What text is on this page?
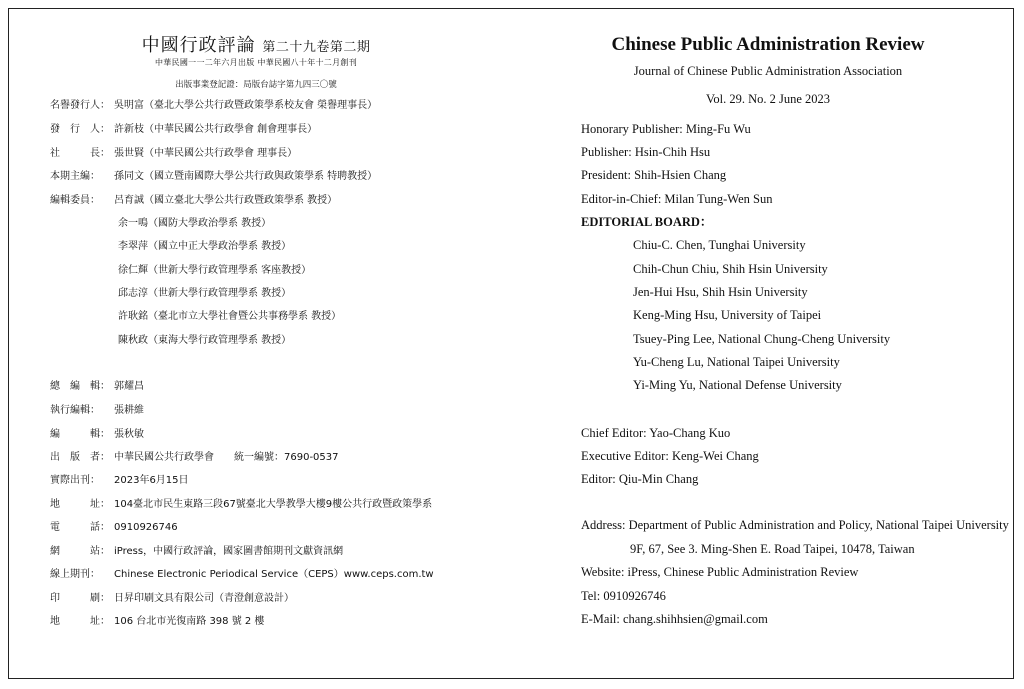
中國行政評論 第二十九卷第二期
中華民國一一二年六月出版 中華民國八十年十二月創刊
出版事業登記證：局版台誌字第九四三〇號
名譽發行人： 吳明富（臺北大學公共行政暨政策學系校友會 榮譽理事長）
發　行　人： 許新枝（中華民國公共行政學會 創會理事長）
社　　　長： 張世賢（中華民國公共行政學會 理事長）
本期主編： 孫同文（國立暨南國際大學公共行政與政策學系 特聘教授）
編輯委員： 呂育誠（國立臺北大學公共行政暨政策學系 教授）
余一鳴（國防大學政治學系 教授）
李翠萍（國立中正大學政治學系 教授）
徐仁輝（世新大學行政管理學系 客座教授）
邱志淳（世新大學行政管理學系 教授）
許耿銘（臺北市立大學社會暨公共事務學系 教授）
陳秋政（東海大學行政管理學系 教授）
總　編　輯： 郭耀昌
執行編輯： 張耕維
編　　　輯： 張秋敏
出　版　者： 中華民國公共行政學會　　統一編號：7690-0537
實際出刊： 2023年6月15日
地　　　址： 104臺北市民生東路三段67號臺北大學教學大樓9樓公共行政暨政策學系
電　　　話： 0910926746
網　　　站： iPress，中國行政評論，國家圖書館期刊文獻資訊網
線上期刊： Chinese Electronic Periodical Service（CEPS）www.ceps.com.tw
印　　　刷： 日昇印刷文具有限公司（青澄創意設計）
地　　　址： 106 台北市光復南路 398 號 2 樓
Chinese Public Administration Review
Journal of Chinese Public Administration Association
Vol. 29. No. 2 June 2023
Honorary Publisher: Ming-Fu Wu
Publisher: Hsin-Chih Hsu
President: Shih-Hsien Chang
Editor-in-Chief: Milan Tung-Wen Sun
EDITORIAL BOARD：
Chiu-C. Chen, Tunghai University
Chih-Chun Chiu, Shih Hsin University
Jen-Hui Hsu, Shih Hsin University
Keng-Ming Hsu, University of Taipei
Tsuey-Ping Lee, National Chung-Cheng University
Yu-Cheng Lu, National Taipei University
Yi-Ming Yu, National Defense University
Chief Editor: Yao-Chang Kuo
Executive Editor: Keng-Wei Chang
Editor: Qiu-Min Chang
Address: Department of Public Administration and Policy, National Taipei University
9F, 67, See 3. Ming-Shen E. Road Taipei, 10478, Taiwan
Website: iPress, Chinese Public Administration Review
Tel: 0910926746
E-Mail: chang.shihhsien@gmail.com
